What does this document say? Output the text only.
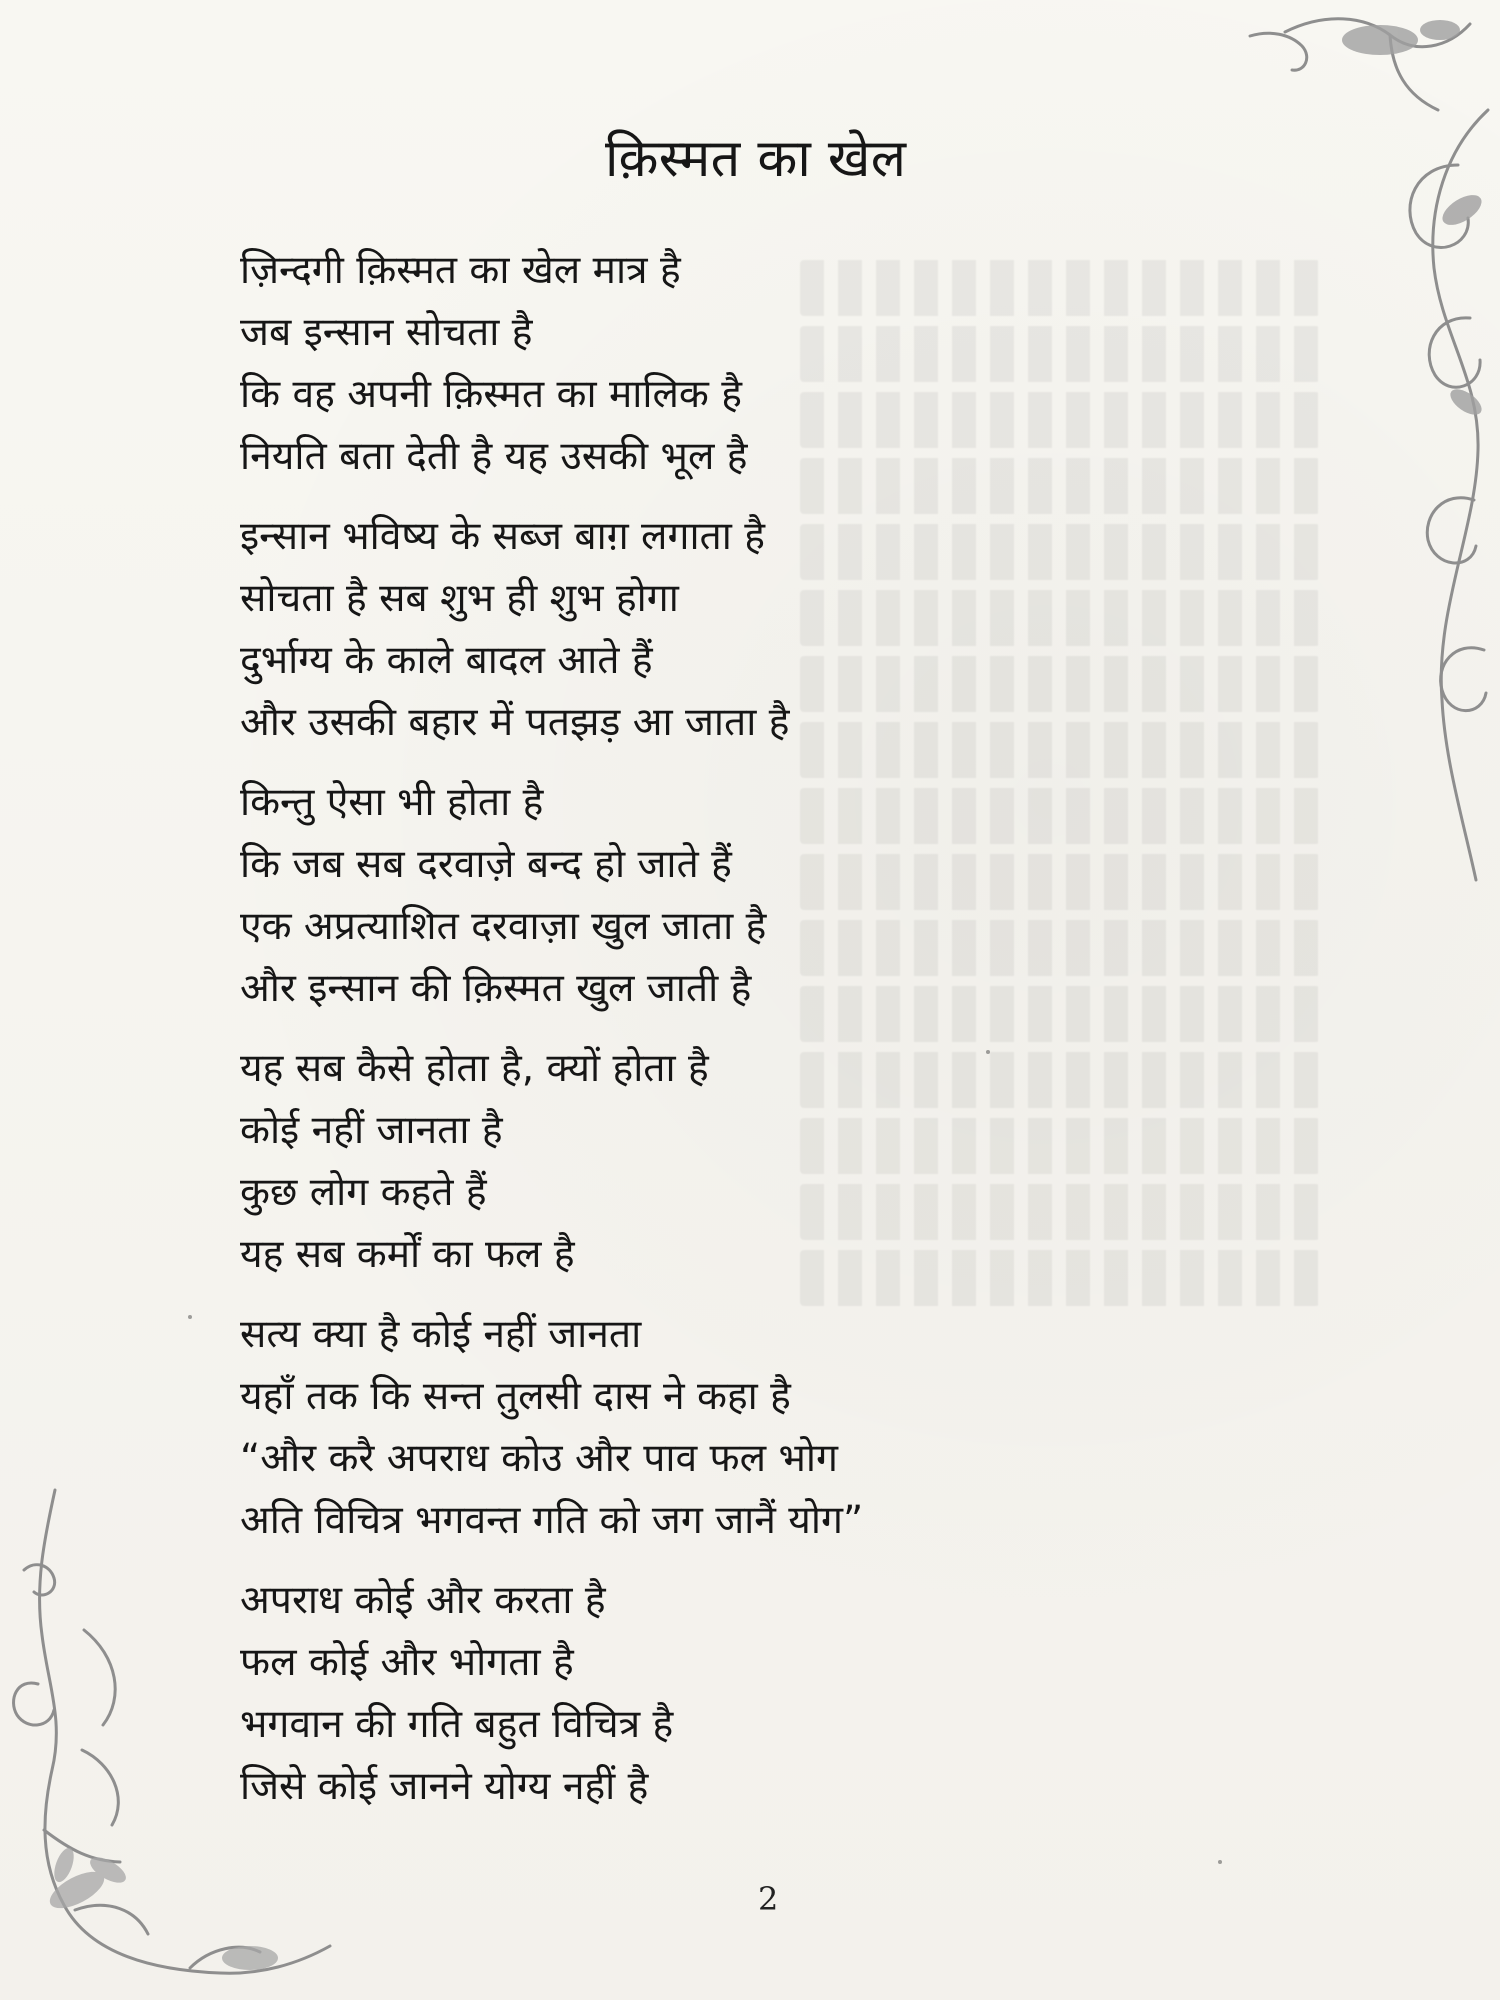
क़िस्मत का खेल
ज़िन्दगी क़िस्मत का खेल मात्र है
जब इन्सान सोचता है
कि वह अपनी क़िस्मत का मालिक है
नियति बता देती है यह उसकी भूल है
इन्सान भविष्य के सब्ज बाग़ लगाता है
सोचता है सब शुभ ही शुभ होगा
दुर्भाग्य के काले बादल आते हैं
और उसकी बहार में पतझड़ आ जाता है
किन्तु ऐसा भी होता है
कि जब सब दरवाज़े बन्द हो जाते हैं
एक अप्रत्याशित दरवाज़ा खुल जाता है
और इन्सान की क़िस्मत खुल जाती है
यह सब कैसे होता है, क्यों होता है
कोई नहीं जानता है
कुछ लोग कहते हैं
यह सब कर्मों का फल है
सत्य क्या है कोई नहीं जानता
यहाँ तक कि सन्त तुलसी दास ने कहा है
“और करै अपराध कोउ और पाव फल भोग
अति विचित्र भगवन्त गति को जग जानैं योग”
अपराध कोई और करता है
फल कोई और भोगता है
भगवान की गति बहुत विचित्र है
जिसे कोई जानने योग्य नहीं है
2
